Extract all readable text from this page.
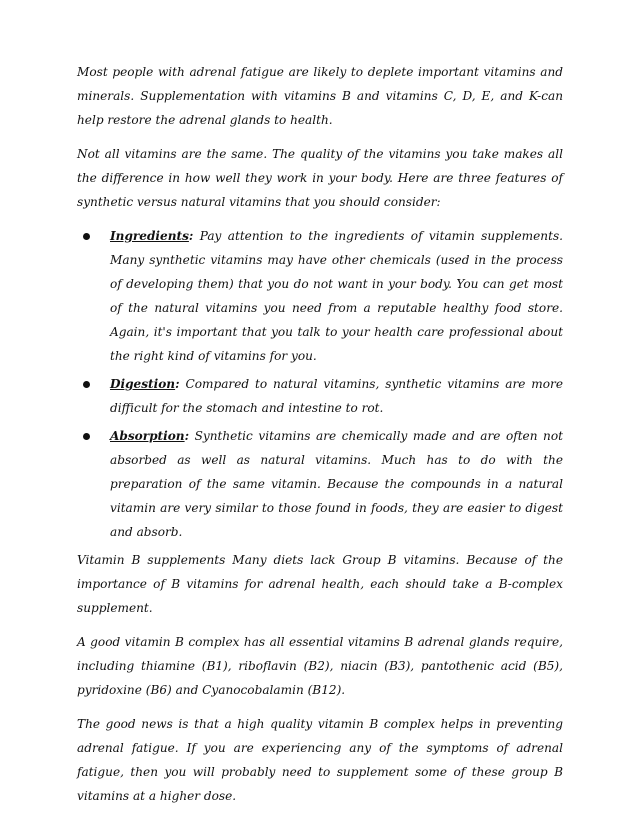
Most people with adrenal fatigue are likely to deplete important vitamins and minerals. Supplementation with vitamins B and vitamins C, D, E, and K-can help restore the adrenal glands to health.

Not all vitamins are the same. The quality of the vitamins you take makes all the difference in how well they work in your body. Here are three features of synthetic versus natural vitamins that you should consider:

Ingredients: Pay attention to the ingredients of vitamin supplements. Many synthetic vitamins may have other chemicals (used in the process of developing them) that you do not want in your body. You can get most of the natural vitamins you need from a reputable healthy food store. Again, it's important that you talk to your health care professional about the right kind of vitamins for you.
Digestion: Compared to natural vitamins, synthetic vitamins are more difficult for the stomach and intestine to rot.
Absorption: Synthetic vitamins are chemically made and are often not absorbed as well as natural vitamins. Much has to do with the preparation of the same vitamin. Because the compounds in a natural vitamin are very similar to those found in foods, they are easier to digest and absorb.

Vitamin B supplements Many diets lack Group B vitamins. Because of the importance of B vitamins for adrenal health, each should take a B-complex supplement.

A good vitamin B complex has all essential vitamins B adrenal glands require, including thiamine (B1), riboflavin (B2), niacin (B3), pantothenic acid (B5), pyridoxine (B6) and Cyanocobalamin (B12).

The good news is that a high quality vitamin B complex helps in preventing adrenal fatigue. If you are experiencing any of the symptoms of adrenal fatigue, then you will probably need to supplement some of these group B vitamins at a higher dose.
